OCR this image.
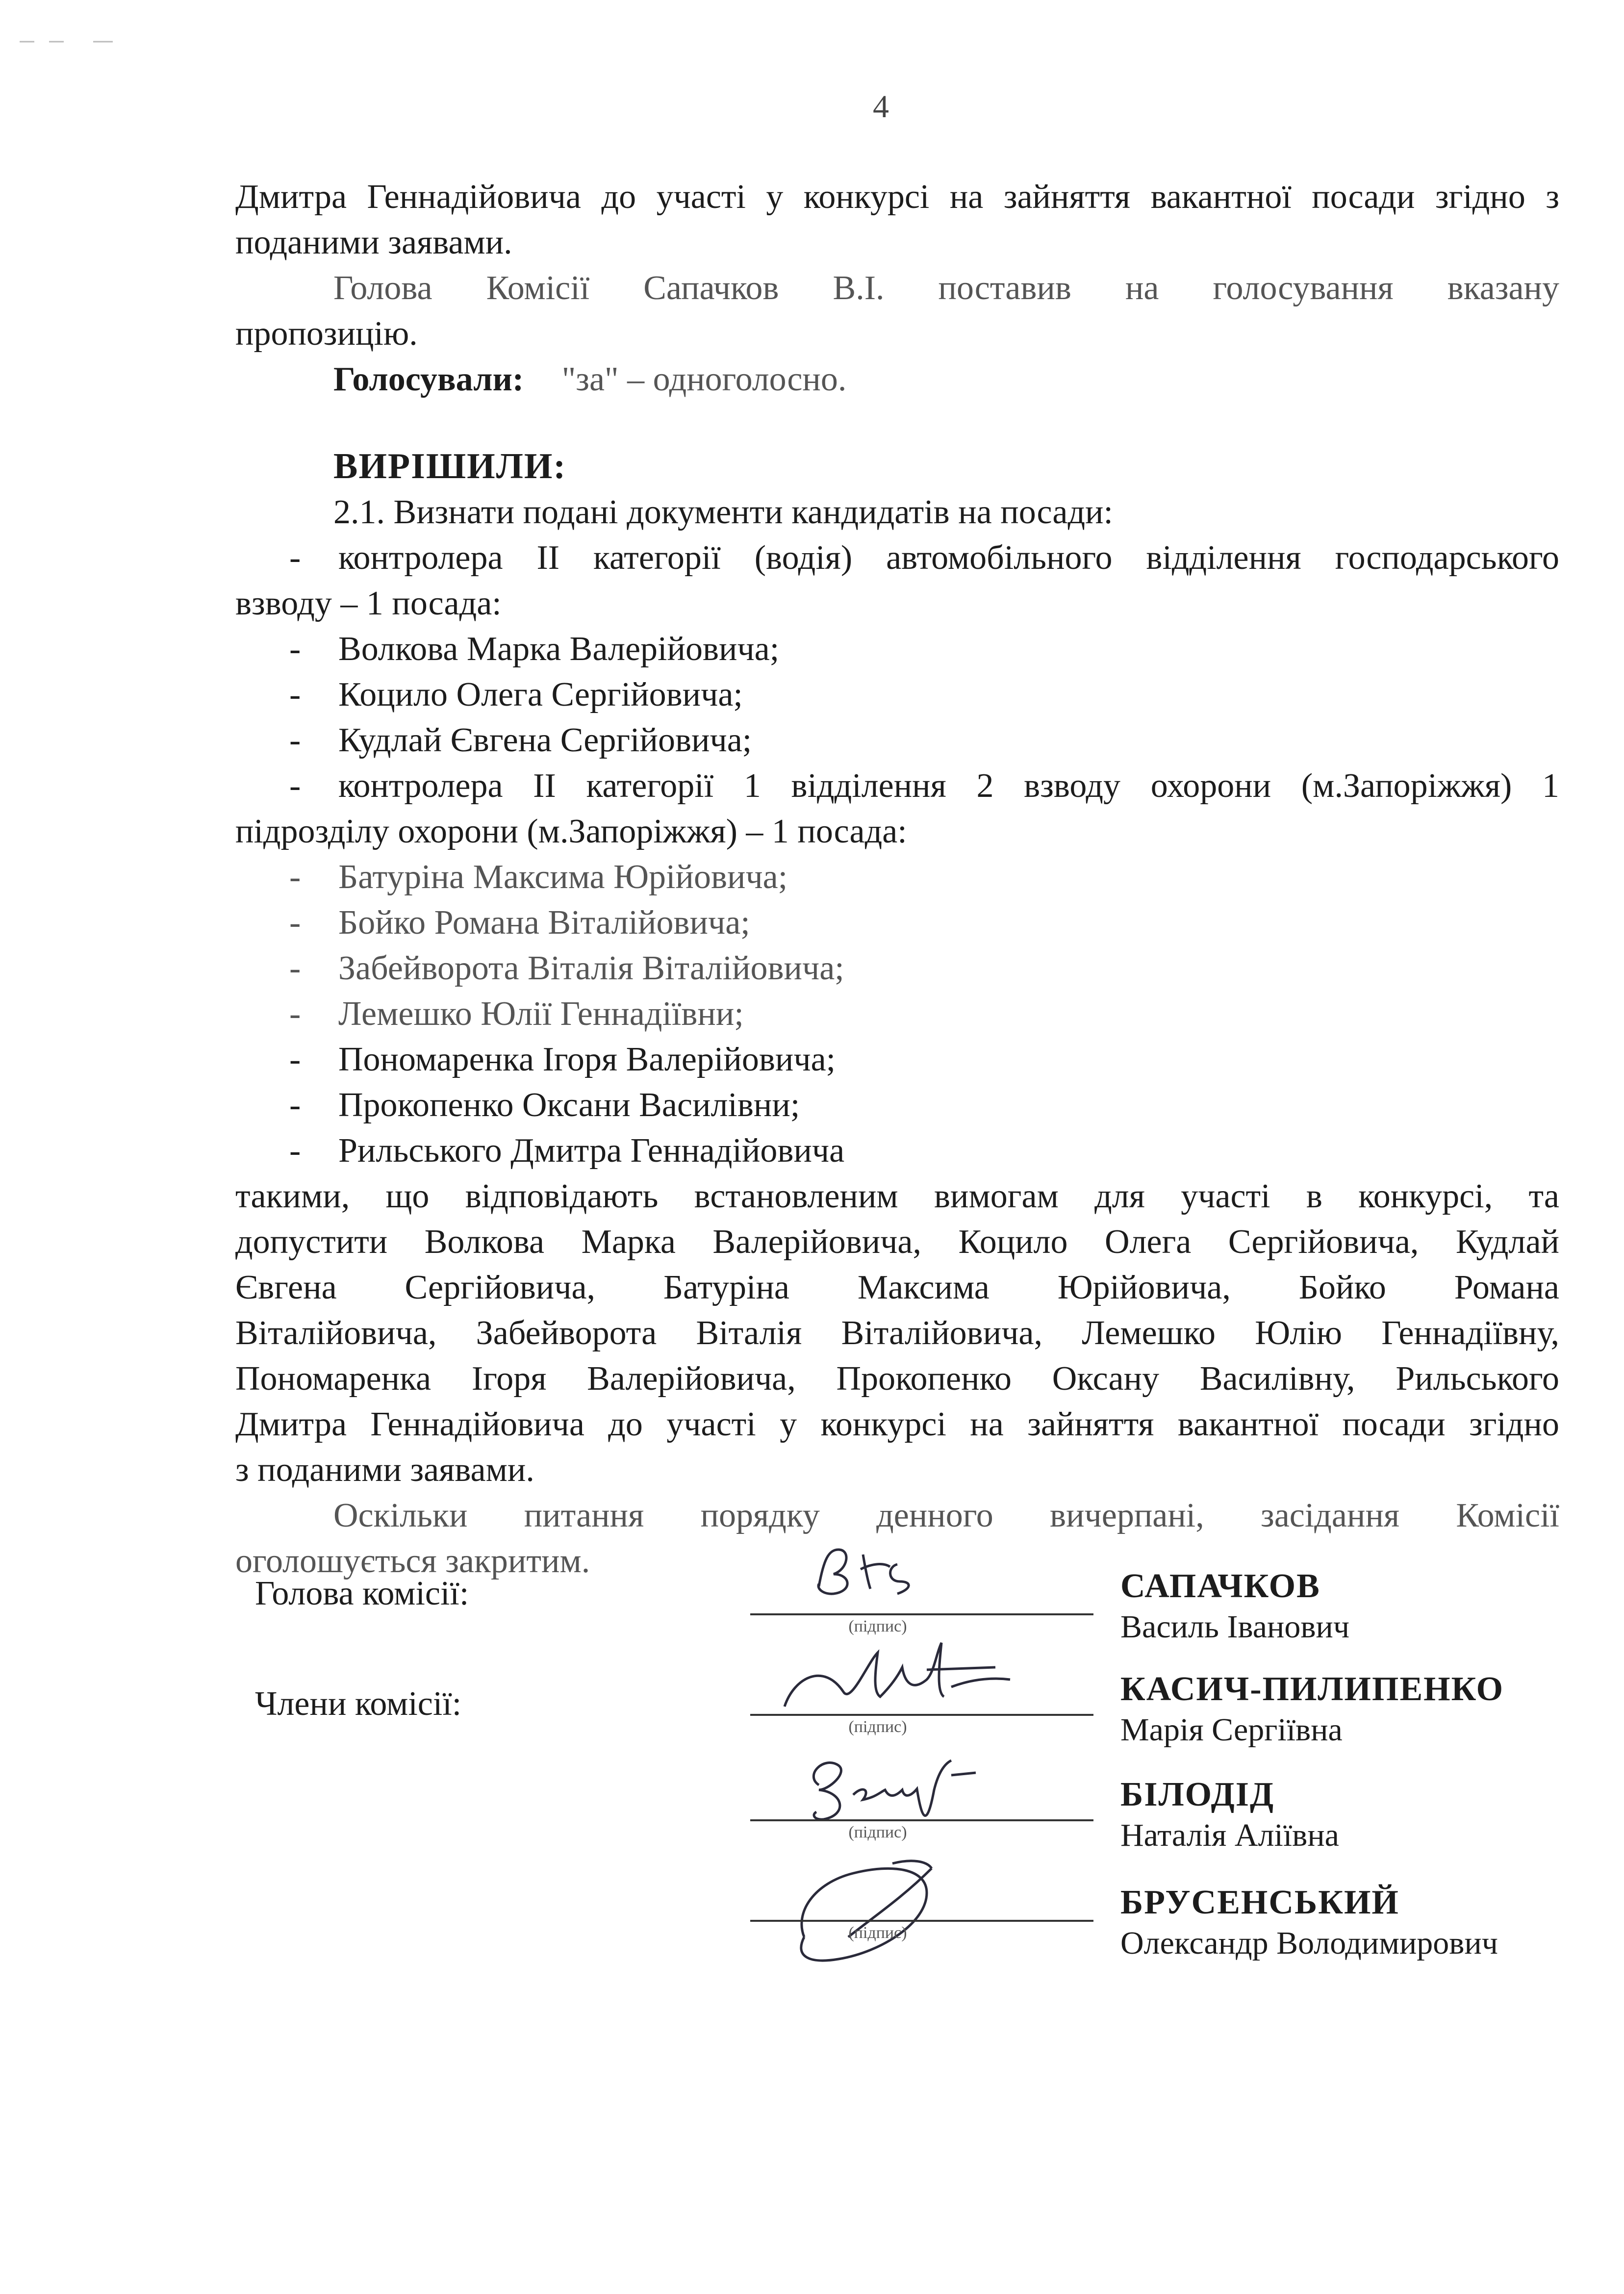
4
Дмитра Геннадійовича до участі у конкурсі на зайняття вакантної посади згідно з
поданими заявами.
Голова Комісії Сапачков В.І. поставив на голосування вказану
пропозицію.
Голосували: "за" – одноголосно.
ВИРІШИЛИ:
2.1. Визнати подані документи кандидатів на посади:
- контролера ІІ категорії (водія) автомобільного відділення господарського
взводу – 1 посада:
- Волкова Марка Валерійовича;
- Коцило Олега Сергійовича;
- Кудлай Євгена Сергійовича;
- контролера ІІ категорії 1 відділення 2 взводу охорони (м.Запоріжжя) 1
підрозділу охорони (м.Запоріжжя) – 1 посада:
- Батуріна Максима Юрійовича;
- Бойко Романа Віталійовича;
- Забейворота Віталія Віталійовича;
- Лемешко Юлії Геннадіївни;
- Пономаренка Ігоря Валерійовича;
- Прокопенко Оксани Василівни;
- Рильського Дмитра Геннадійовича
такими, що відповідають встановленим вимогам для участі в конкурсі, та
допустити Волкова Марка Валерійовича, Коцило Олега Сергійовича, Кудлай
Євгена Сергійовича, Батуріна Максима Юрійовича, Бойко Романа
Віталійовича, Забейворота Віталія Віталійовича, Лемешко Юлію Геннадіївну,
Пономаренка Ігоря Валерійовича, Прокопенко Оксану Василівну, Рильського
Дмитра Геннадійовича до участі у конкурсі на зайняття вакантної посади згідно
з поданими заявами.
Оскільки питання порядку денного вичерпані, засідання Комісії
оголошується закритим.
Голова комісії:
Члени комісії:
(підпис)
САПАЧКОВ
Василь Іванович
(підпис)
КАСИЧ-ПИЛИПЕНКО
Марія Сергіївна
(підпис)
БІЛОДІД
Наталія Аліївна
(підпис)
БРУСЕНСЬКИЙ
Олександр Володимирович
